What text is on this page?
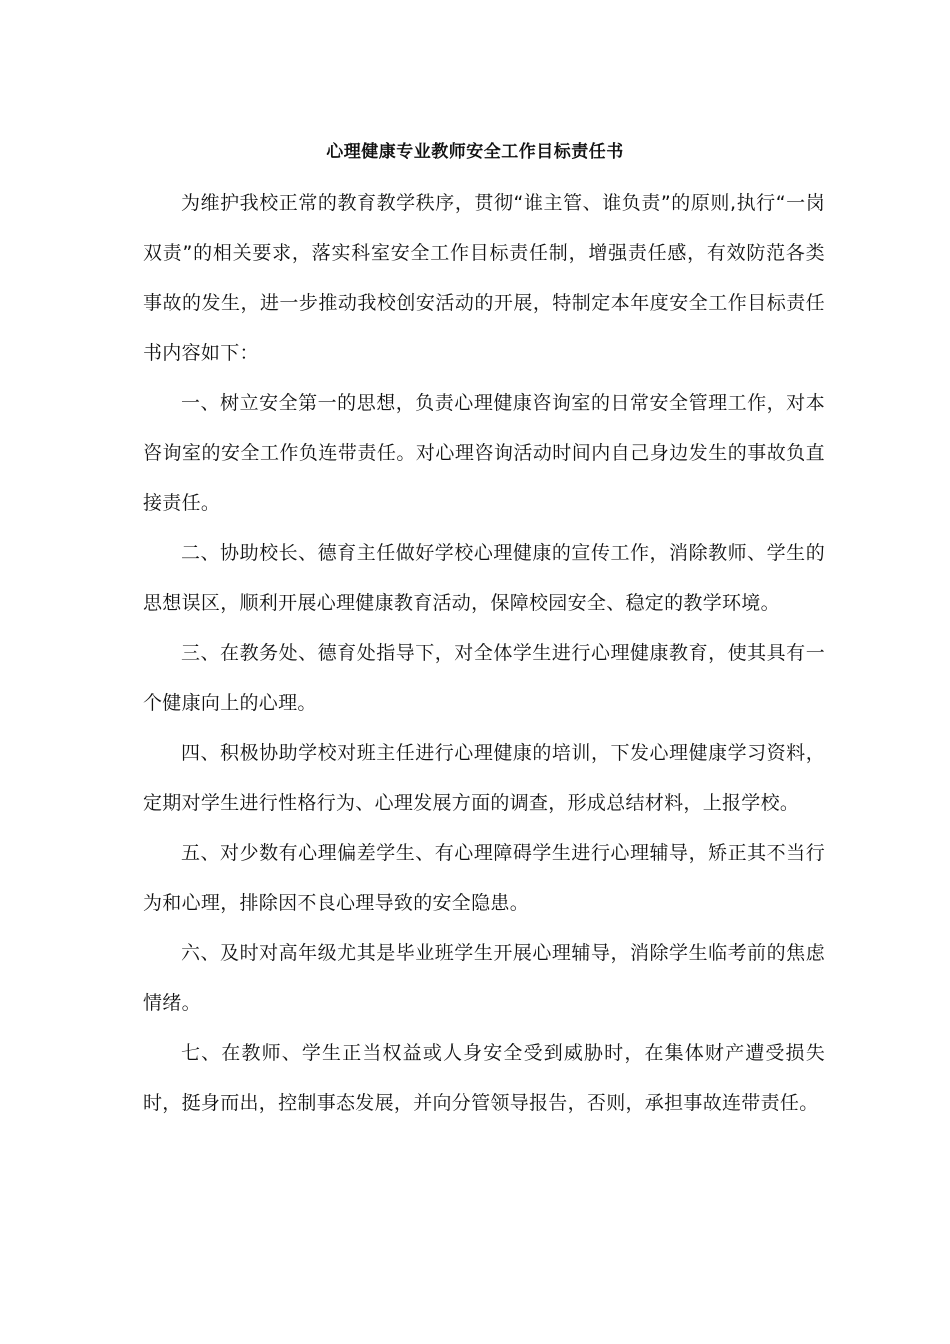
心理健康专业教师安全工作目标责任书

为维护我校正常的教育教学秩序，贯彻“谁主管、谁负责”的原则,执行“一岗双责”的相关要求，落实科室安全工作目标责任制，增强责任感，有效防范各类事故的发生，进一步推动我校创安活动的开展，特制定本年度安全工作目标责任书内容如下：

一、树立安全第一的思想，负责心理健康咨询室的日常安全管理工作，对本咨询室的安全工作负连带责任。对心理咨询活动时间内自己身边发生的事故负直接责任。

二、协助校长、德育主任做好学校心理健康的宣传工作，消除教师、学生的思想误区，顺利开展心理健康教育活动，保障校园安全、稳定的教学环境。

三、在教务处、德育处指导下，对全体学生进行心理健康教育，使其具有一个健康向上的心理。

四、积极协助学校对班主任进行心理健康的培训，下发心理健康学习资料，定期对学生进行性格行为、心理发展方面的调查，形成总结材料，上报学校。

五、对少数有心理偏差学生、有心理障碍学生进行心理辅导，矫正其不当行为和心理，排除因不良心理导致的安全隐患。

六、及时对高年级尤其是毕业班学生开展心理辅导，消除学生临考前的焦虑情绪。

七、在教师、学生正当权益或人身安全受到威胁时，在集体财产遭受损失时，挺身而出，控制事态发展，并向分管领导报告，否则，承担事故连带责任。
